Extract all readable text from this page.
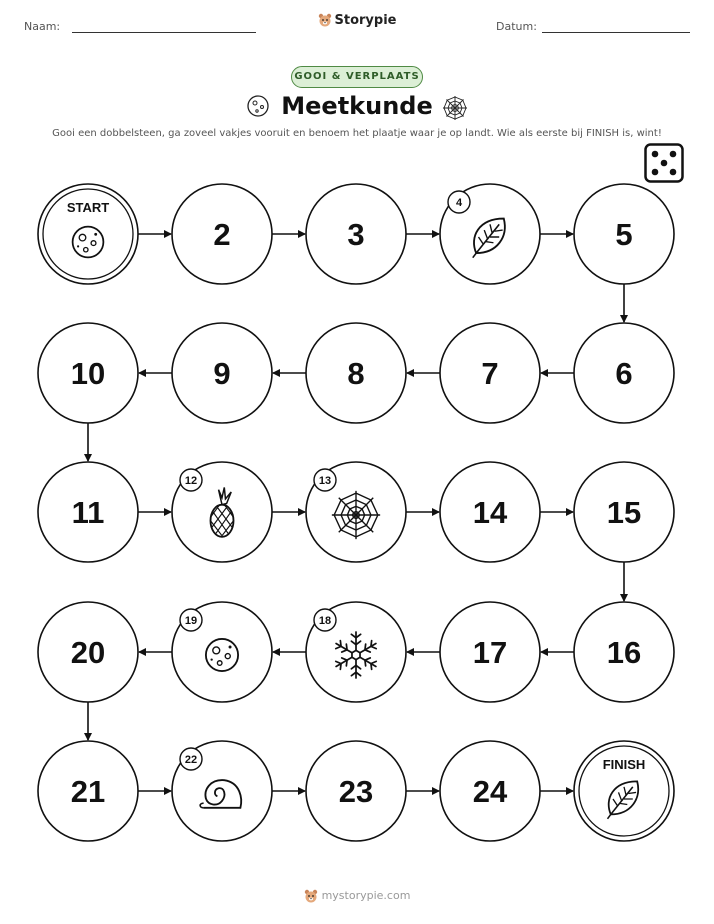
Naam:	Storypie	Datum:
GOOI & VERPLAATS
Meetkunde
Gooi een dobbelsteen, ga zoveel vakjes vooruit en benoem het plaatje waar je op landt. Wie als eerste bij FINISH is, wint!
START
2	3
4
5
6
7
8
9
10
11
12	13
14	15
16
17
18
19
20
21
22
23	24
FINISH
mystorypie.com
